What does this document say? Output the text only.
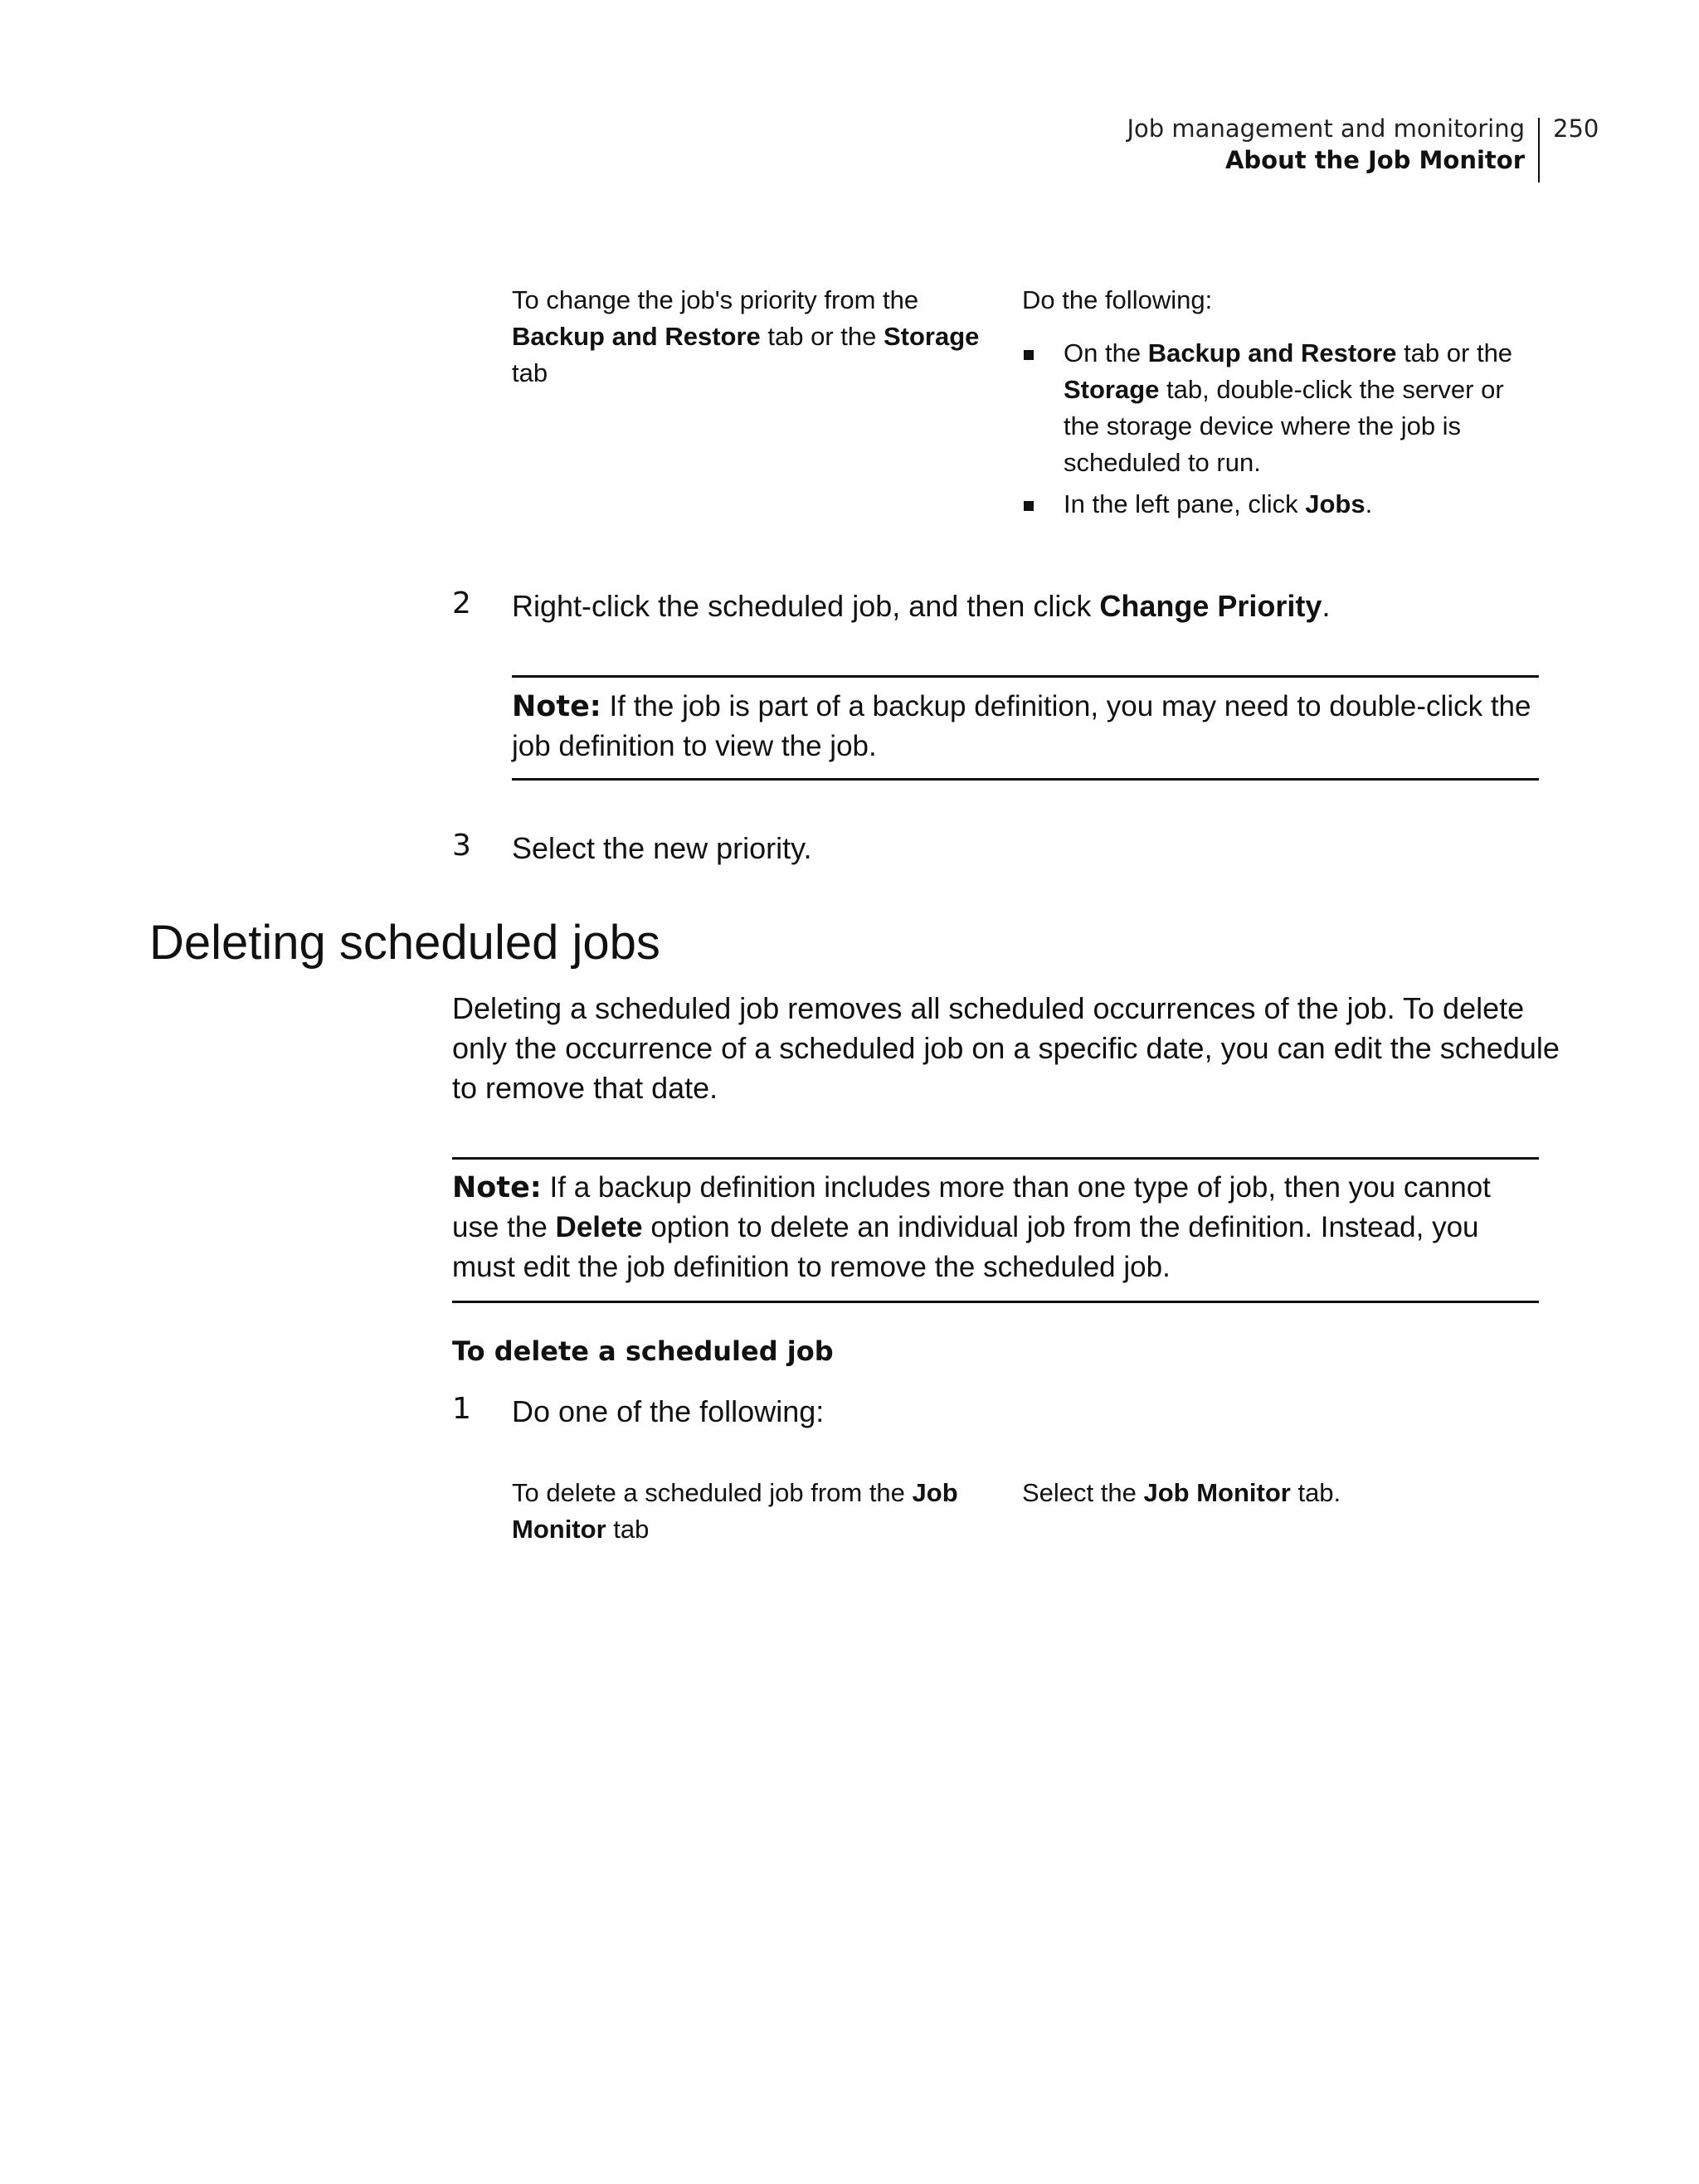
Job management and monitoring
About the Job Monitor
250
To change the job's priority from the
Backup and Restore tab or the Storage
tab
Do the following:
On the Backup and Restore tab or the
Storage tab, double-click the server or
the storage device where the job is
scheduled to run.
In the left pane, click Jobs.
2 Right-click the scheduled job, and then click Change Priority.
Note: If the job is part of a backup definition, you may need to double-click the
job definition to view the job.
3 Select the new priority.
Deleting scheduled jobs
Deleting a scheduled job removes all scheduled occurrences of the job. To delete
only the occurrence of a scheduled job on a specific date, you can edit the schedule
to remove that date.
Note: If a backup definition includes more than one type of job, then you cannot
use the Delete option to delete an individual job from the definition. Instead, you
must edit the job definition to remove the scheduled job.
To delete a scheduled job
1 Do one of the following:
To delete a scheduled job from the Job
Monitor tab
Select the Job Monitor tab.
